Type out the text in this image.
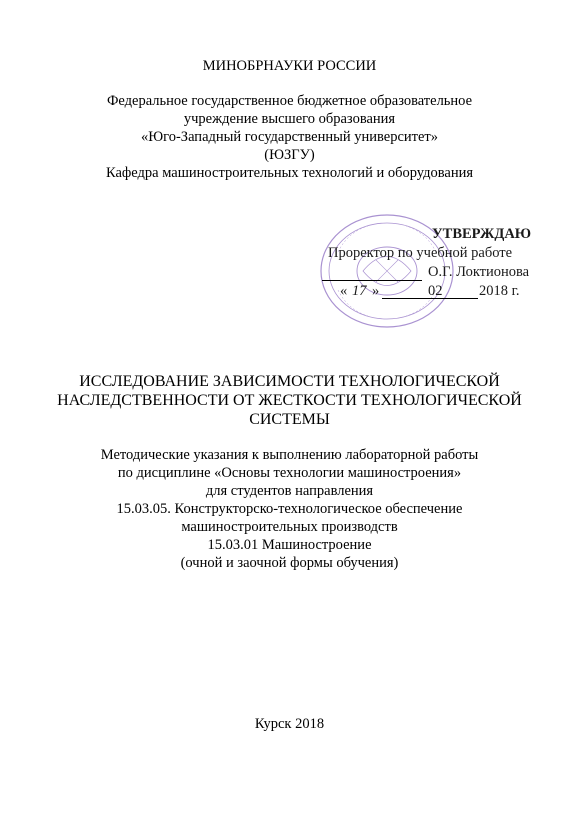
МИНОБРНАУКИ РОССИИ
Федеральное государственное бюджетное образовательное
учреждение высшего образования
«Юго-Западный государственный университет»
(ЮЗГУ)
Кафедра машиностроительных технологий и оборудования
УТВЕРЖДАЮ
Проректор по учебной работе
О.Г. Локтионова
« 17 »	02	2018 г.
ИССЛЕДОВАНИЕ ЗАВИСИМОСТИ ТЕХНОЛОГИЧЕСКОЙ
НАСЛЕДСТВЕННОСТИ ОТ ЖЕСТКОСТИ ТЕХНОЛОГИЧЕСКОЙ
СИСТЕМЫ
Методические указания к выполнению лабораторной работы
по дисциплине «Основы технологии машиностроения»
для студентов направления
15.03.05. Конструкторско-технологическое обеспечение
машиностроительных производств
15.03.01 Машиностроение
(очной и заочной формы обучения)
Курск 2018
